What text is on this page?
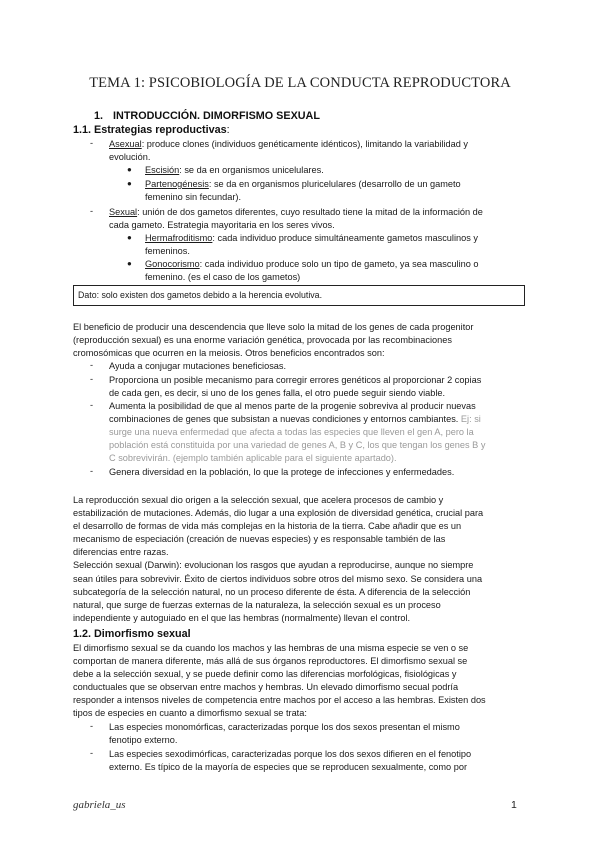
TEMA 1: PSICOBIOLOGÍA DE LA CONDUCTA REPRODUCTORA
1. INTRODUCCIÓN. DIMORFISMO SEXUAL
1.1. Estrategias reproductivas:
- Asexual: produce clones (individuos genéticamente idénticos), limitando la variabilidad y
evolución.
● Escisión: se da en organismos unicelulares.
● Partenogénesis: se da en organismos pluricelulares (desarrollo de un gameto
femenino sin fecundar).
- Sexual: unión de dos gametos diferentes, cuyo resultado tiene la mitad de la información de
cada gameto. Estrategia mayoritaria en los seres vivos.
● Hermafroditismo: cada individuo produce simultáneamente gametos masculinos y
femeninos.
● Gonocorismo: cada individuo produce solo un tipo de gameto, ya sea masculino o
femenino. (es el caso de los gametos)
Dato: solo existen dos gametos debido a la herencia evolutiva.
El beneficio de producir una descendencia que lleve solo la mitad de los genes de cada progenitor
(reproducción sexual) es una enorme variación genética, provocada por las recombinaciones
cromosómicas que ocurren en la meiosis. Otros beneficios encontrados son:
- Ayuda a conjugar mutaciones beneficiosas.
- Proporciona un posible mecanismo para corregir errores genéticos al proporcionar 2 copias
de cada gen, es decir, si uno de los genes falla, el otro puede seguir siendo viable.
- Aumenta la posibilidad de que al menos parte de la progenie sobreviva al producir nuevas
combinaciones de genes que subsistan a nuevas condiciones y entornos cambiantes. Ej: si
surge una nueva enfermedad que afecta a todas las especies que lleven el gen A, pero la
población está constituida por una variedad de genes A, B y C, los que tengan los genes B y
C sobrevivirán. (ejemplo también aplicable para el siguiente apartado).
- Genera diversidad en la población, lo que la protege de infecciones y enfermedades.
La reproducción sexual dio origen a la selección sexual, que acelera procesos de cambio y
estabilización de mutaciones. Además, dio lugar a una explosión de diversidad genética, crucial para
el desarrollo de formas de vida más complejas en la historia de la tierra. Cabe añadir que es un
mecanismo de especiación (creación de nuevas especies) y es responsable también de las
diferencias entre razas.
Selección sexual (Darwin): evolucionan los rasgos que ayudan a reproducirse, aunque no siempre
sean útiles para sobrevivir. Éxito de ciertos individuos sobre otros del mismo sexo. Se considera una
subcategoría de la selección natural, no un proceso diferente de ésta. A diferencia de la selección
natural, que surge de fuerzas externas de la naturaleza, la selección sexual es un proceso
independiente y autoguiado en el que las hembras (normalmente) llevan el control.
1.2. Dimorfismo sexual
El dimorfismo sexual se da cuando los machos y las hembras de una misma especie se ven o se
comportan de manera diferente, más allá de sus órganos reproductores. El dimorfismo sexual se
debe a la selección sexual, y se puede definir como las diferencias morfológicas, fisiológicas y
conductuales que se observan entre machos y hembras. Un elevado dimorfismo secual podría
responder a intensos niveles de competencia entre machos por el acceso a las hembras. Existen dos
tipos de especies en cuanto a dimorfismo sexual se trata:
- Las especies monomórficas, caracterizadas porque los dos sexos presentan el mismo
fenotipo externo.
- Las especies sexodimórficas, caracterizadas porque los dos sexos difieren en el fenotipo
externo. Es típico de la mayoría de especies que se reproducen sexualmente, como por
gabriela_us	1
